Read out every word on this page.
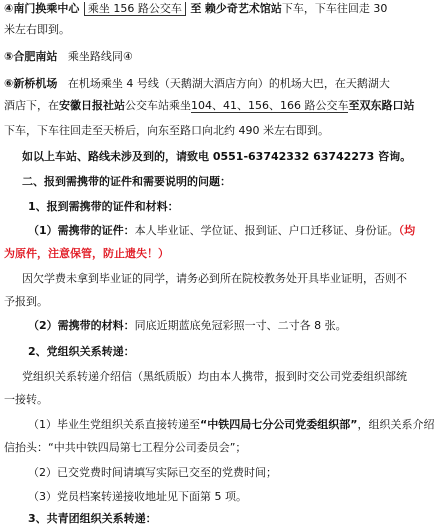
④南门换乘中心 乘坐 156 路公交车 至 赖少奇艺术馆站下车，下车往回走 30
米左右即到。
⑤合肥南站 乘坐路线同④
⑥新桥机场 在机场乘坐 4 号线（天鹅湖大酒店方向）的机场大巴，在天鹅湖大
酒店下，在安徽日报社站公交车站乘坐104、41、156、166 路公交车至双东路口站
下车，下车往回走至天桥后，向东至路口向北约 490 米左右即到。
如以上车站、路线未涉及到的，请致电 0551-63742332 63742273 咨询。
二、报到需携带的证件和需要说明的问题：
1、报到需携带的证件和材料：
（1）需携带的证件：本人毕业证、学位证、报到证、户口迁移证、身份证。（均
为原件，注意保管，防止遗失！）
因欠学费未拿到毕业证的同学，请务必到所在院校教务处开具毕业证明，否则不
予报到。
（2）需携带的材料：同底近期蓝底免冠彩照一寸、二寸各 8 张。
2、党组织关系转递：
党组织关系转递介绍信（黑纸质版）均由本人携带，报到时交公司党委组织部统
一接转。
（1）毕业生党组织关系直接转递至“中铁四局七分公司党委组织部”，组织关系介绍
信抬头：“中共中铁四局第七工程分公司委员会”；
（2）已交党费时间请填写实际已交至的党费时间；
（3）党员档案转递接收地址见下面第 5 项。
3、共青团组织关系转递：
